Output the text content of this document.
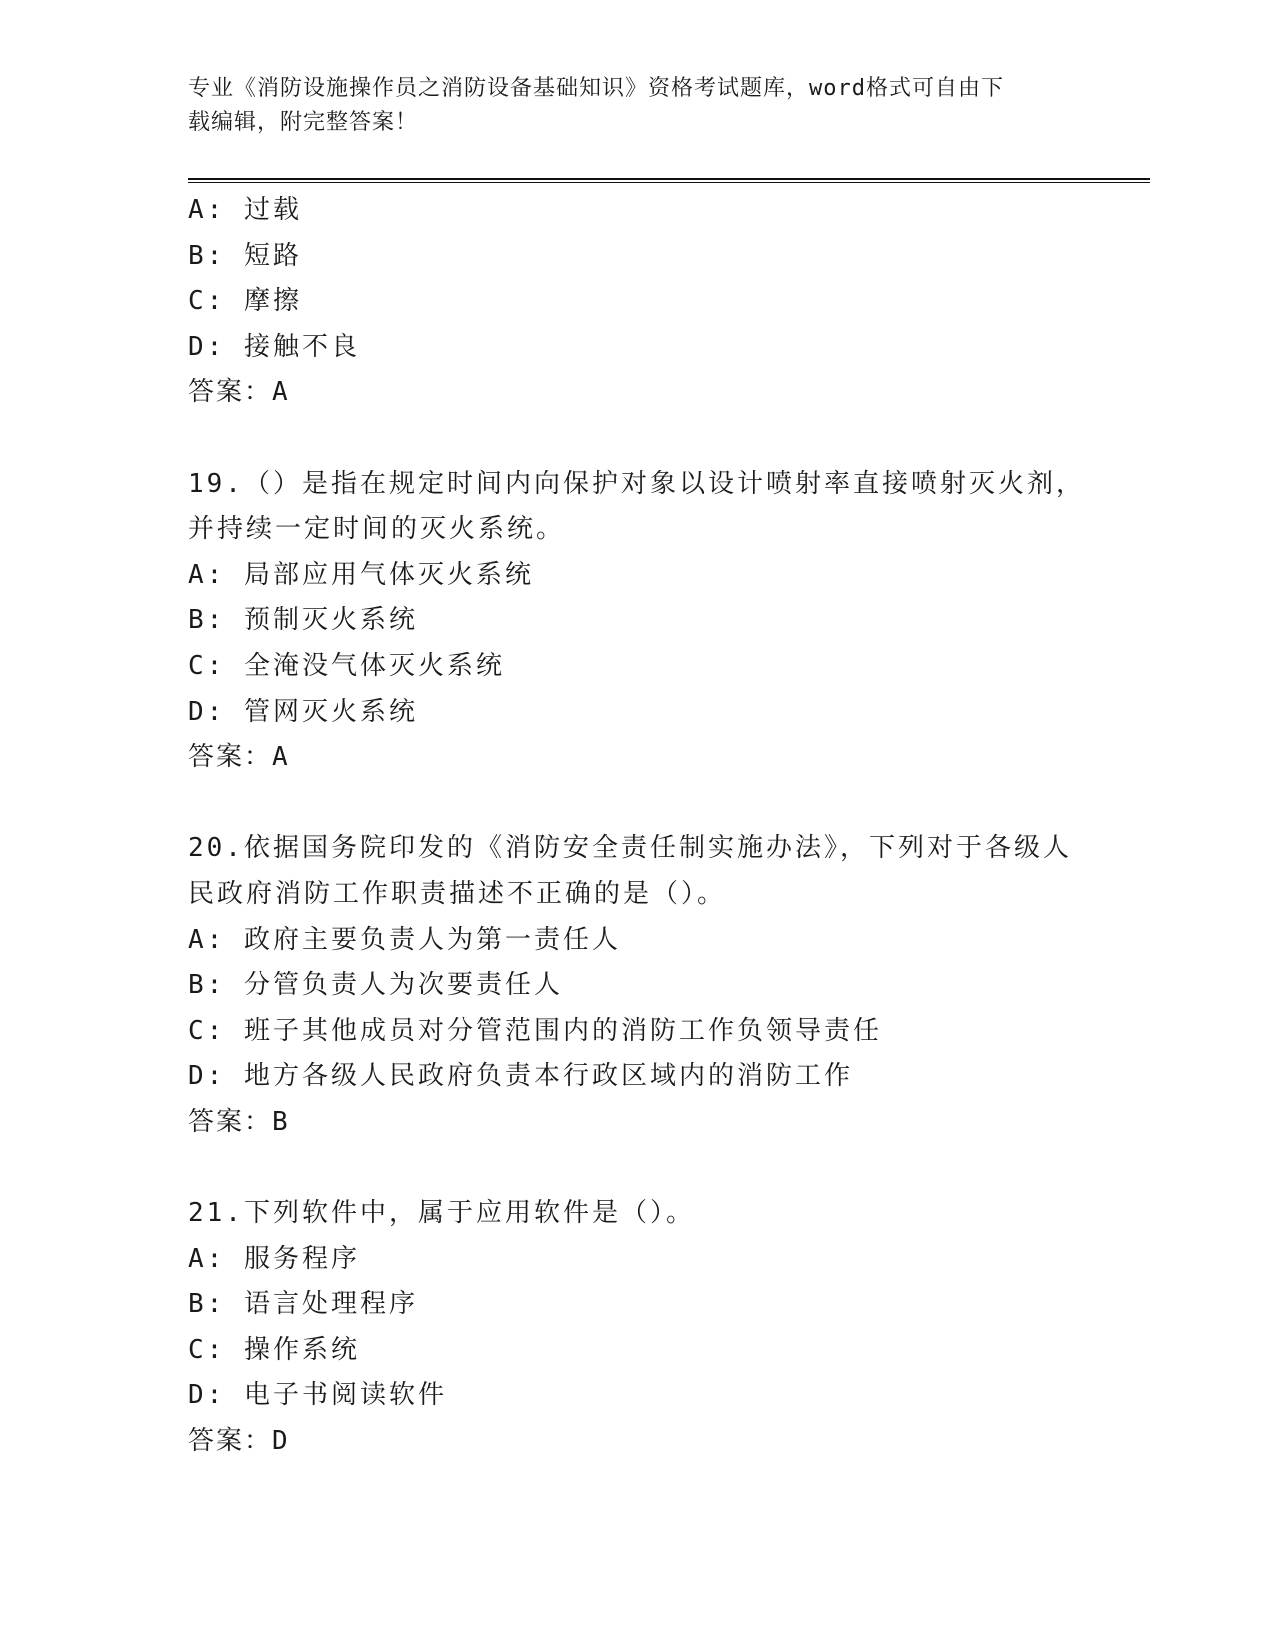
专业《消防设施操作员之消防设备基础知识》资格考试题库，word格式可自由下
载编辑，附完整答案！
A: 过载
B: 短路
C: 摩擦
D: 接触不良
答案：A
19.（）是指在规定时间内向保护对象以设计喷射率直接喷射灭火剂，
并持续一定时间的灭火系统。
A: 局部应用气体灭火系统
B: 预制灭火系统
C: 全淹没气体灭火系统
D: 管网灭火系统
答案：A
20.依据国务院印发的《消防安全责任制实施办法》，下列对于各级人
民政府消防工作职责描述不正确的是（）。
A: 政府主要负责人为第一责任人
B: 分管负责人为次要责任人
C: 班子其他成员对分管范围内的消防工作负领导责任
D: 地方各级人民政府负责本行政区域内的消防工作
答案：B
21.下列软件中，属于应用软件是（）。
A: 服务程序
B: 语言处理程序
C: 操作系统
D: 电子书阅读软件
答案：D
